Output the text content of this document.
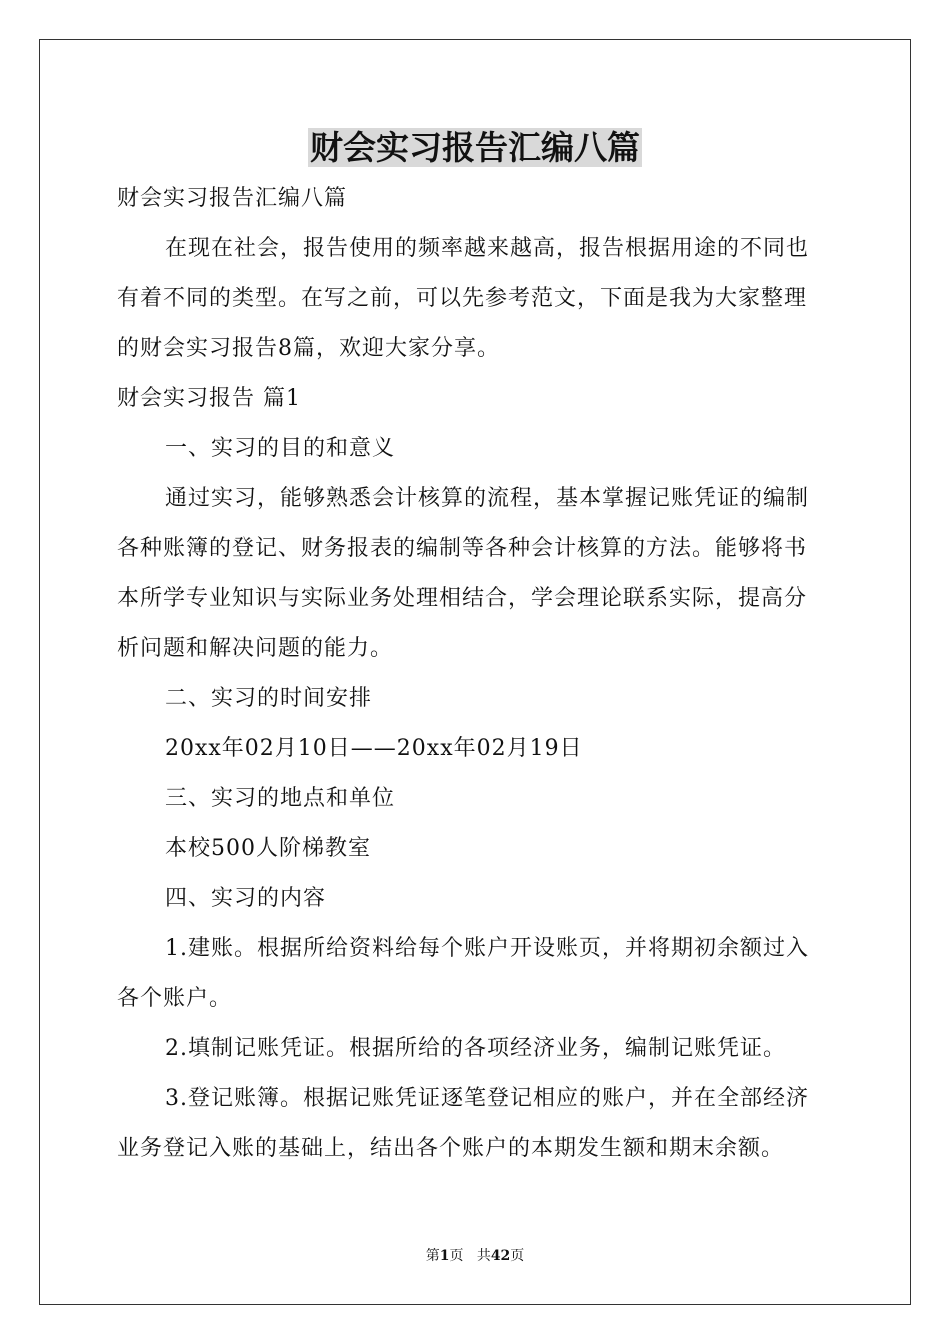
财会实习报告汇编八篇

财会实习报告汇编八篇

在现在社会，报告使用的频率越来越高，报告根据用途的不同也

有着不同的类型。在写之前，可以先参考范文，下面是我为大家整理

的财会实习报告8篇，欢迎大家分享。

财会实习报告 篇1

一、实习的目的和意义

通过实习，能够熟悉会计核算的流程，基本掌握记账凭证的编制

各种账簿的登记、财务报表的编制等各种会计核算的方法。能够将书

本所学专业知识与实际业务处理相结合，学会理论联系实际，提高分

析问题和解决问题的能力。

二、实习的时间安排

20xx年02月10日——20xx年02月19日

三、实习的地点和单位

本校500人阶梯教室

四、实习的内容

1.建账。根据所给资料给每个账户开设账页，并将期初余额过入

各个账户。

2.填制记账凭证。根据所给的各项经济业务，编制记账凭证。

3.登记账簿。根据记账凭证逐笔登记相应的账户，并在全部经济

业务登记入账的基础上，结出各个账户的本期发生额和期末余额。

第1页 共42页
